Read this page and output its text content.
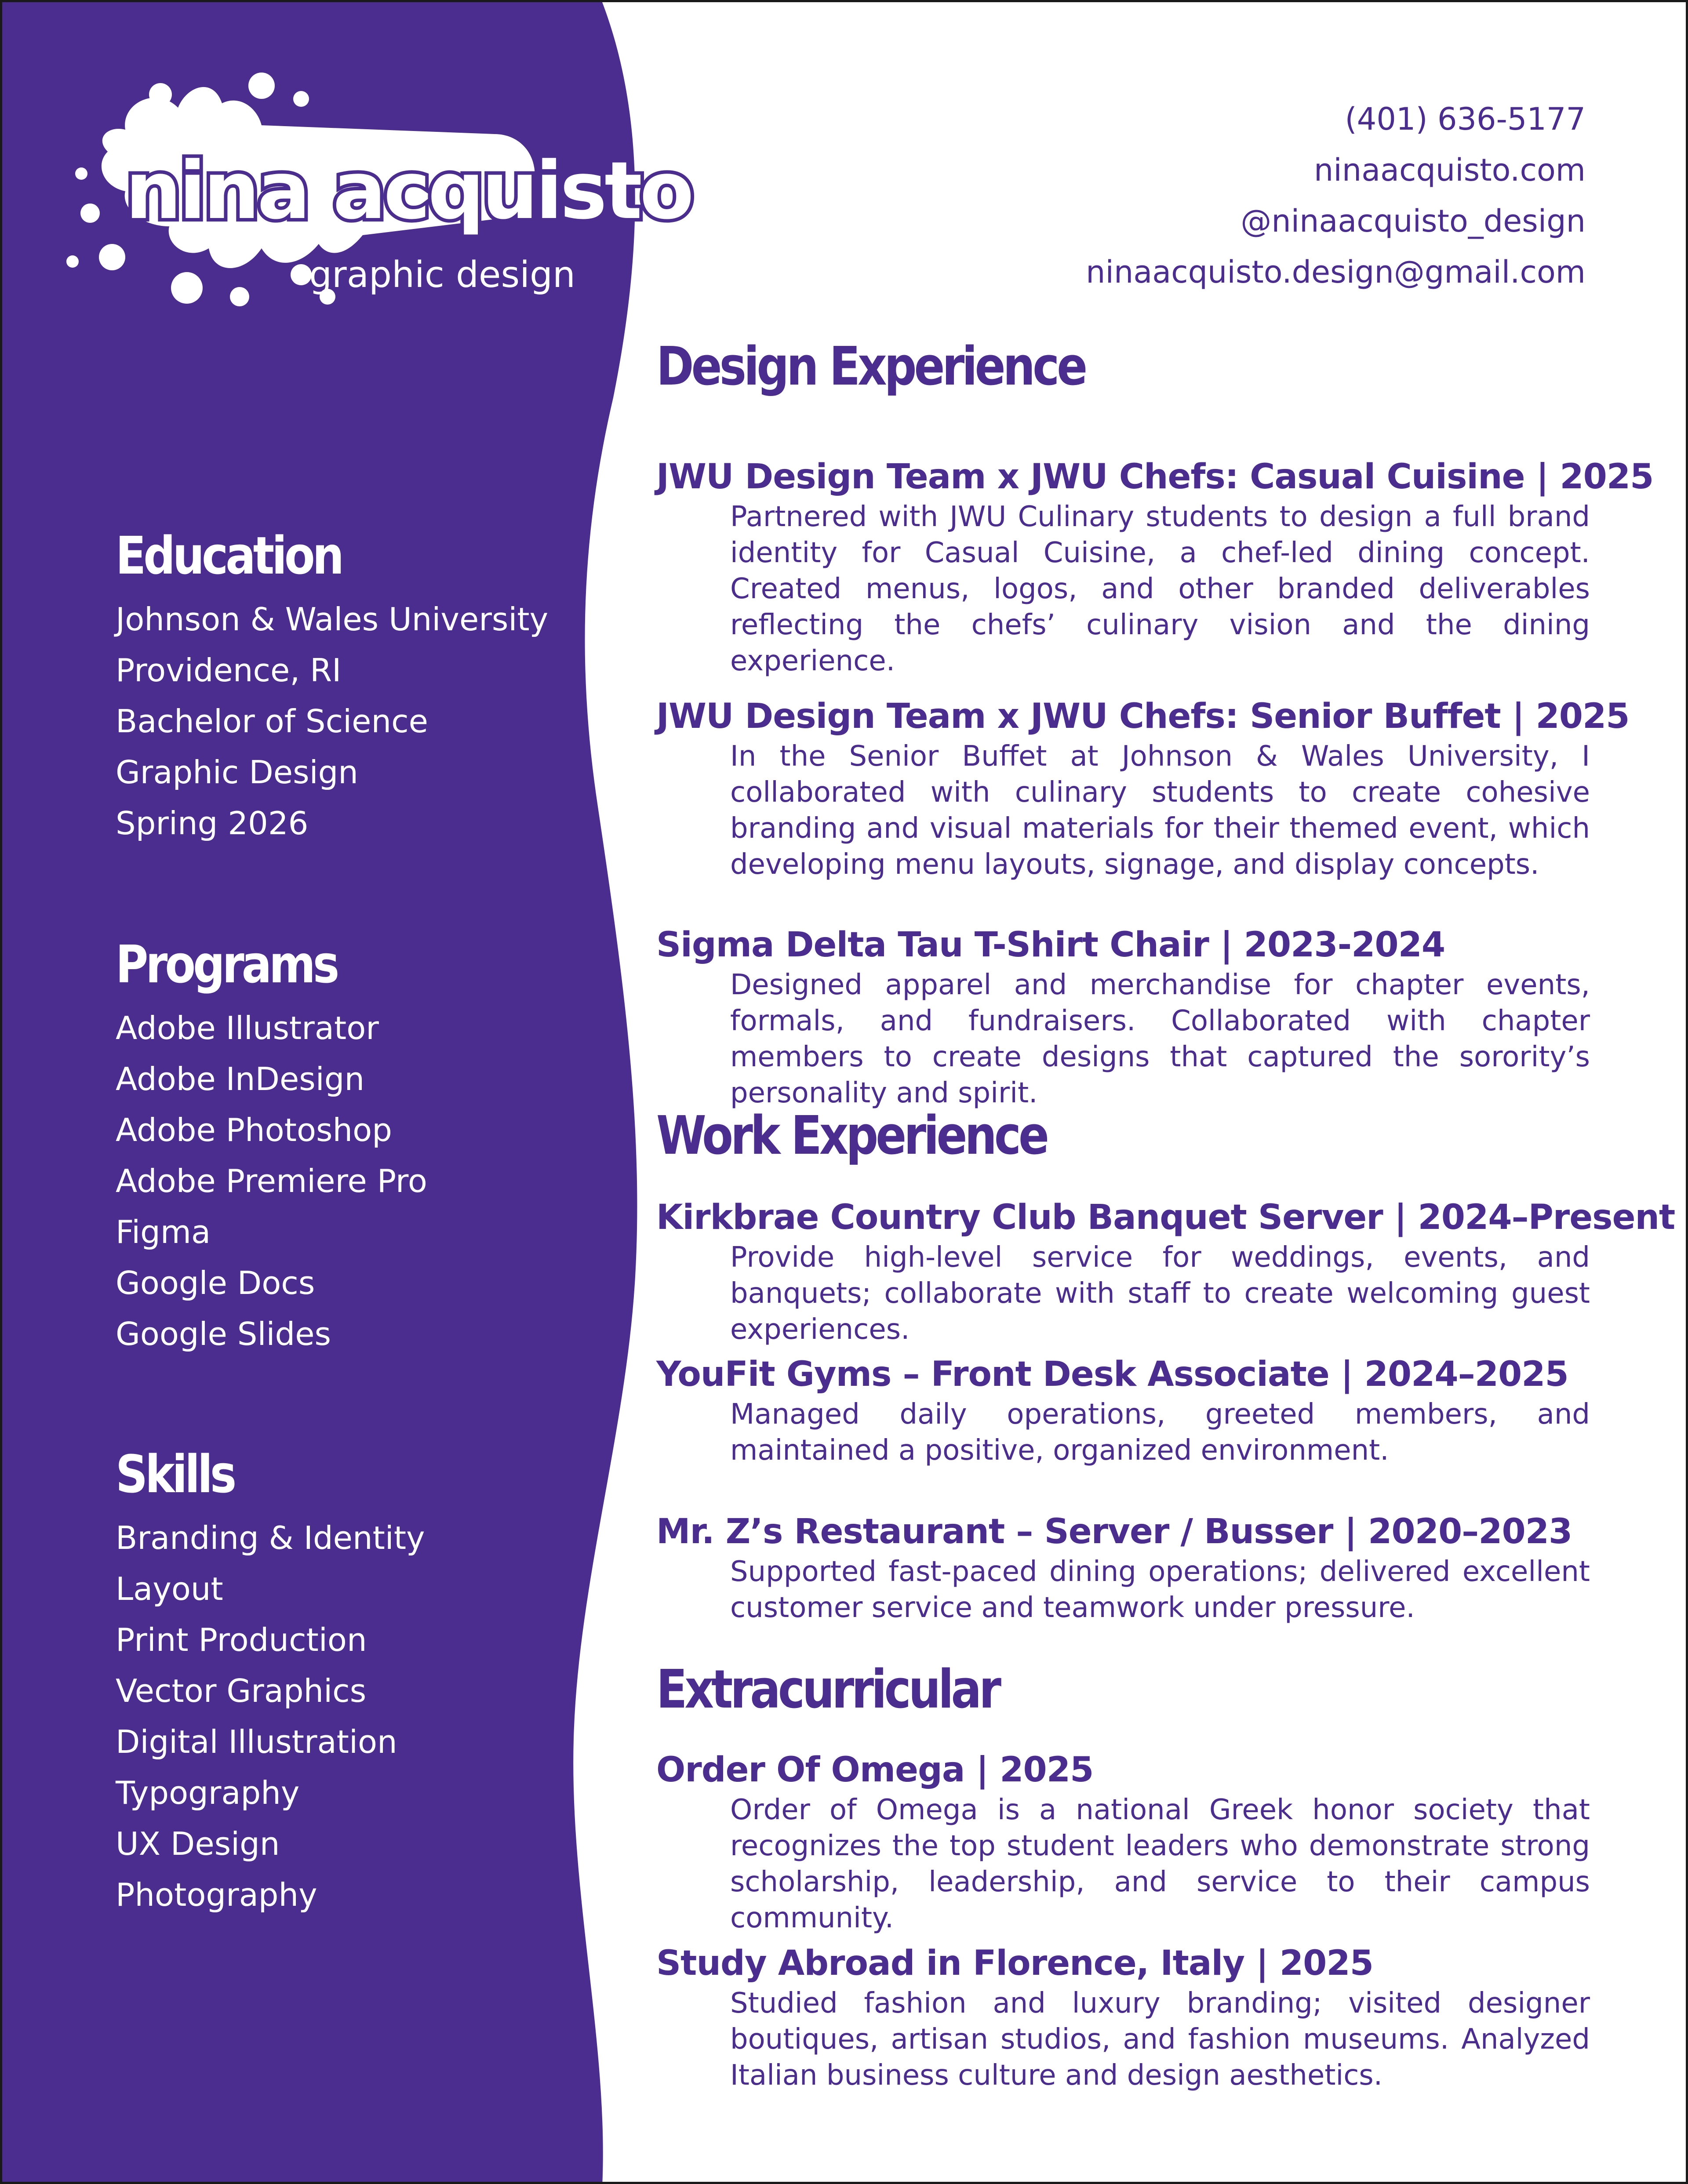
nina acquisto
graphic design
Education
Johnson & Wales University
Providence, RI
Bachelor of Science
Graphic Design
Spring 2026
Programs
Adobe Illustrator
Adobe InDesign
Adobe Photoshop
Adobe Premiere Pro
Figma
Google Docs
Google Slides
Skills
Branding & Identity
Layout
Print Production
Vector Graphics
Digital Illustration
Typography
UX Design
Photography
(401) 636-5177
ninaacquisto.com
@ninaacquisto_design
ninaacquisto.design@gmail.com
Design Experience
JWU Design Team x JWU Chefs: Casual Cuisine | 2025
Partnered with JWU Culinary students to design a full brand identity for Casual Cuisine, a chef-led dining concept. Created menus, logos, and other branded deliverables reflecting the chefs’ culinary vision and the dining experience.
JWU Design Team x JWU Chefs: Senior Buffet | 2025
In the Senior Buffet at Johnson & Wales University, I collaborated with culinary students to create cohesive branding and visual materials for their themed event, which developing menu layouts, signage, and display concepts.
Sigma Delta Tau T-Shirt Chair | 2023-2024
Designed apparel and merchandise for chapter events, formals, and fundraisers. Collaborated with chapter members to create designs that captured the sorority’s personality and spirit.
Work Experience
Kirkbrae Country Club Banquet Server | 2024–Present
Provide high-level service for weddings, events, and banquets; collaborate with staff to create welcoming guest experiences.
YouFit Gyms – Front Desk Associate | 2024–2025
Managed daily operations, greeted members, and maintained a positive, organized environment.
Mr. Z’s Restaurant – Server / Busser | 2020–2023
Supported fast-paced dining operations; delivered excellent customer service and teamwork under pressure.
Extracurricular
Order Of Omega | 2025
Order of Omega is a national Greek honor society that recognizes the top student leaders who demonstrate strong scholarship, leadership, and service to their campus community.
Study Abroad in Florence, Italy | 2025
Studied fashion and luxury branding; visited designer boutiques, artisan studios, and fashion museums. Analyzed Italian business culture and design aesthetics.
